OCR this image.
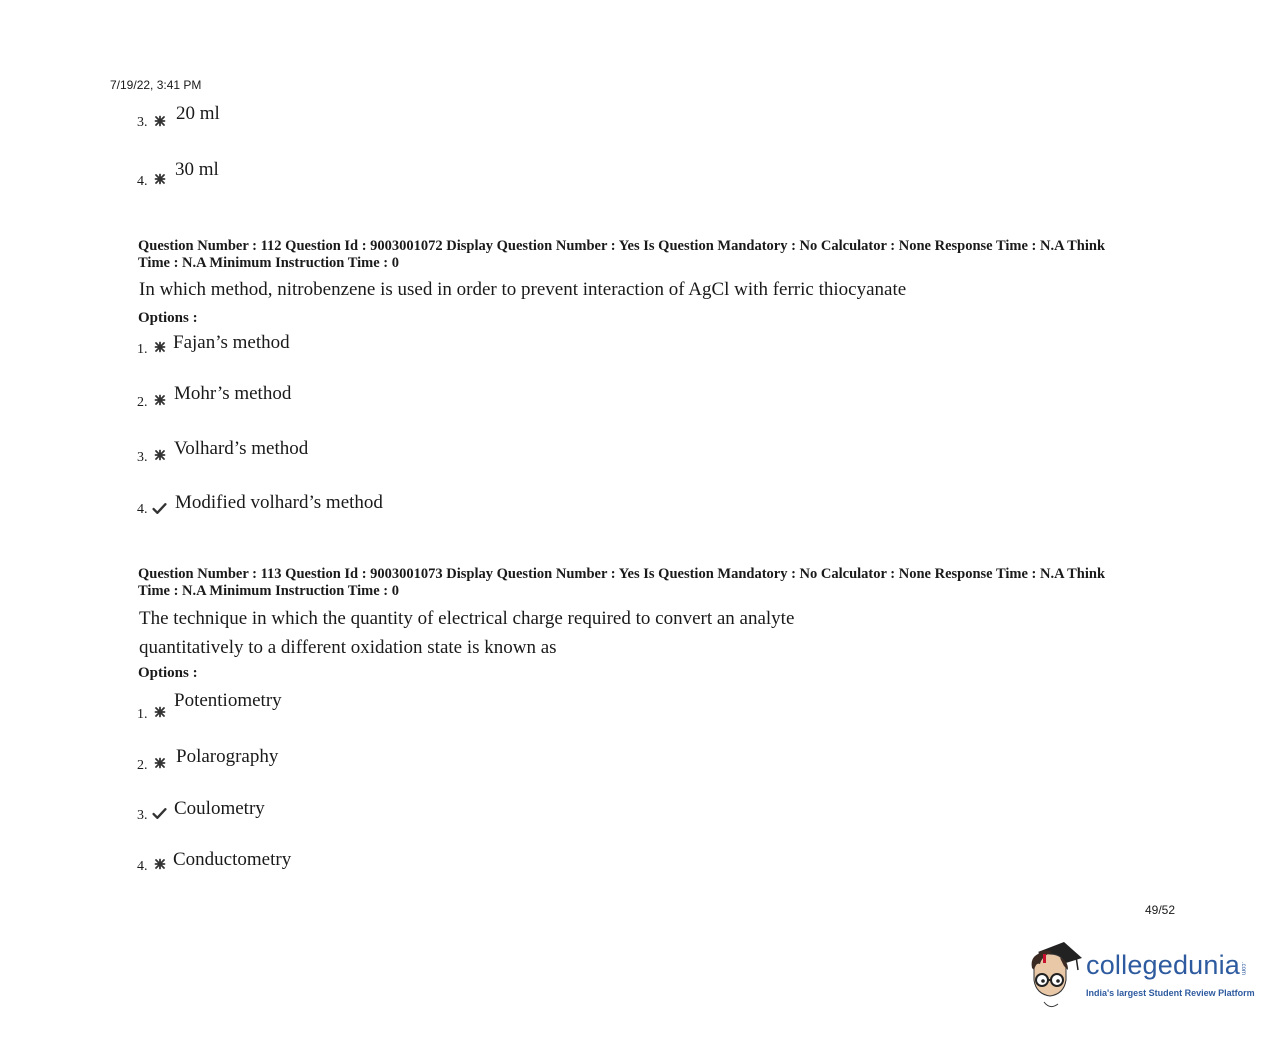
7/19/22, 3:41 PM
3. 20 ml
4.
30 ml
Question Number : 112 Question Id : 9003001072 Display Question Number : Yes Is Question Mandatory : No Calculator : None Response Time : N.A Think
Time : N.A Minimum Instruction Time : 0
In which method, nitrobenzene is used in order to prevent interaction of AgCl with ferric thiocyanate
Options :
1. Fajan’s method
2. Mohr’s method
3. Volhard’s method
4. Modified volhard’s method
Question Number : 113 Question Id : 9003001073 Display Question Number : Yes Is Question Mandatory : No Calculator : None Response Time : N.A Think
Time : N.A Minimum Instruction Time : 0
The technique in which the quantity of electrical charge required to convert an analyte
quantitatively to a different oxidation state is known as
Options :
1.
Potentiometry
2. Polarography
3. Coulometry
4. Conductometry
49/52
collegedunia .com
India's largest Student Review Platform
